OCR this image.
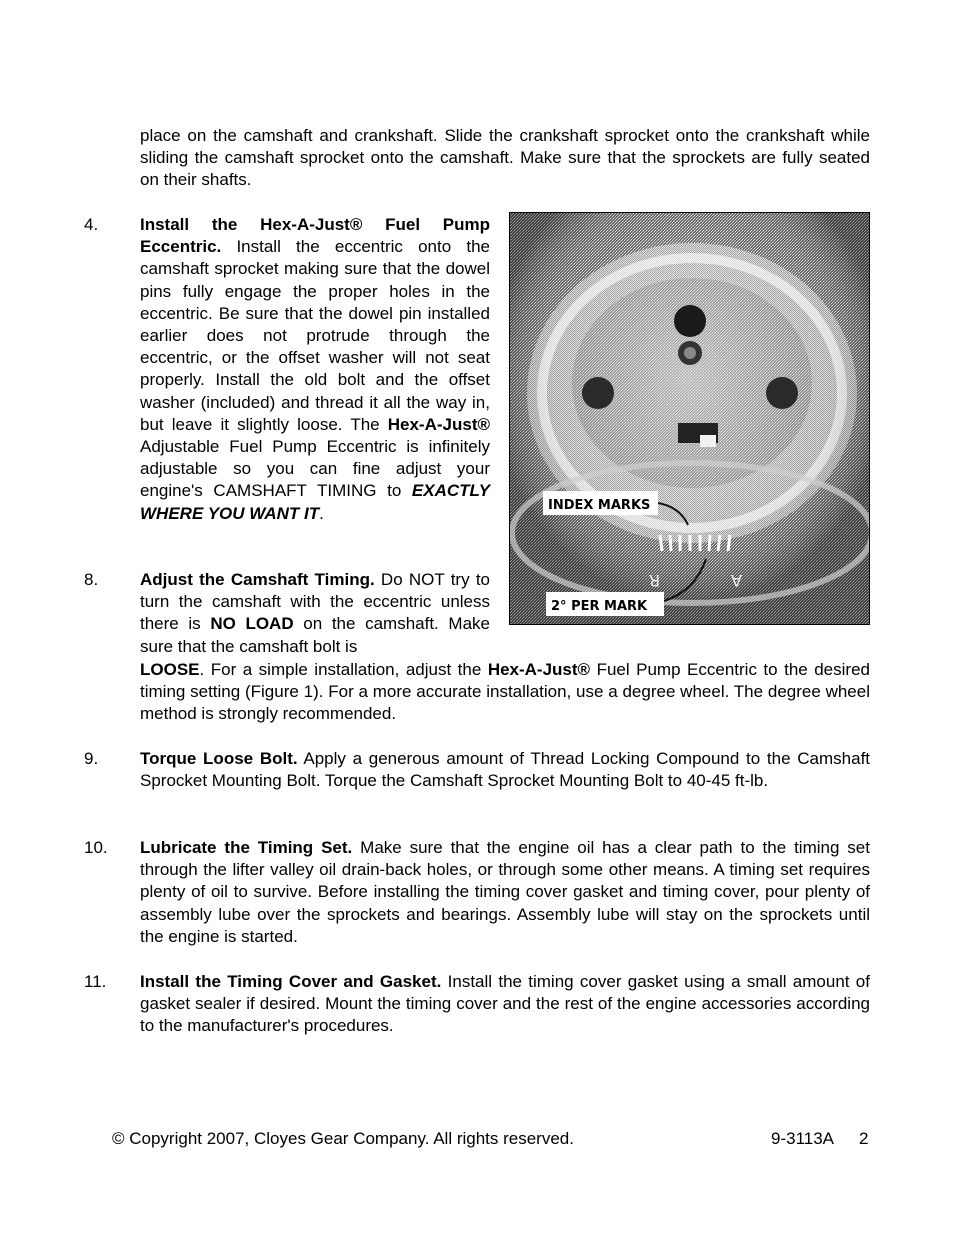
place on the camshaft and crankshaft. Slide the crankshaft sprocket onto the crankshaft while sliding the camshaft sprocket onto the camshaft. Make sure that the sprockets are fully seated on their shafts.
4. Install the Hex-A-Just® Fuel Pump Eccentric. Install the eccentric onto the camshaft sprocket making sure that the dowel pins fully engage the proper holes in the eccentric. Be sure that the dowel pin installed earlier does not protrude through the eccentric, or the offset washer will not seat properly. Install the old bolt and the offset washer (included) and thread it all the way in, but leave it slightly loose. The Hex-A-Just® Adjustable Fuel Pump Eccentric is infinitely adjustable so you can fine adjust your engine's CAMSHAFT TIMING to EXACTLY WHERE YOU WANT IT.
R	A
INDEX MARKS
2° PER MARK
8. Adjust the Camshaft Timing. Do NOT try to turn the camshaft with the eccentric unless there is NO LOAD on the camshaft. Make sure that the camshaft bolt is
LOOSE. For a simple installation, adjust the Hex-A-Just® Fuel Pump Eccentric to the desired timing setting (Figure 1). For a more accurate installation, use a degree wheel. The degree wheel method is strongly recommended.
9. Torque Loose Bolt. Apply a generous amount of Thread Locking Compound to the Camshaft Sprocket Mounting Bolt. Torque the Camshaft Sprocket Mounting Bolt to 40-45 ft-lb.
10. Lubricate the Timing Set. Make sure that the engine oil has a clear path to the timing set through the lifter valley oil drain-back holes, or through some other means. A timing set requires plenty of oil to survive. Before installing the timing cover gasket and timing cover, pour plenty of assembly lube over the sprockets and bearings. Assembly lube will stay on the sprockets until the engine is started.
11. Install the Timing Cover and Gasket. Install the timing cover gasket using a small amount of gasket sealer if desired. Mount the timing cover and the rest of the engine accessories according to the manufacturer's procedures.
© Copyright 2007, Cloyes Gear Company. All rights reserved.	9-3113A 2
